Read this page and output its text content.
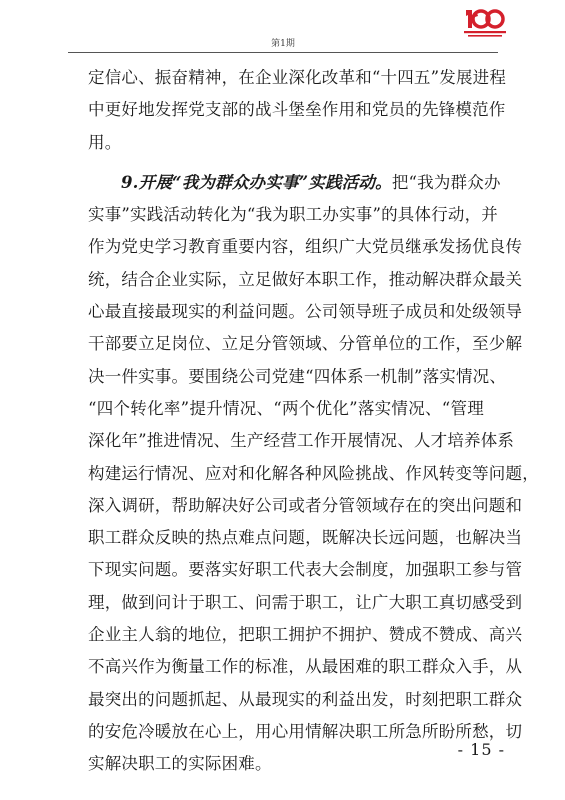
第1期

定信心、振奋精神，在企业深化改革和“十四五”发展进程
中更好地发挥党支部的战斗堡垒作用和党员的先锋模范作
用。

9.开展“我为群众办实事”实践活动。把“我为群众办
实事”实践活动转化为“我为职工办实事”的具体行动，并
作为党史学习教育重要内容，组织广大党员继承发扬优良传
统，结合企业实际，立足做好本职工作，推动解决群众最关
心最直接最现实的利益问题。公司领导班子成员和处级领导
干部要立足岗位、立足分管领域、分管单位的工作，至少解
决一件实事。要围绕公司党建“四体系一机制”落实情况、
“四个转化率”提升情况、“两个优化”落实情况、“管理
深化年”推进情况、生产经营工作开展情况、人才培养体系
构建运行情况、应对和化解各种风险挑战、作风转变等问题，
深入调研，帮助解决好公司或者分管领域存在的突出问题和
职工群众反映的热点难点问题，既解决长远问题，也解决当
下现实问题。要落实好职工代表大会制度，加强职工参与管
理，做到问计于职工、问需于职工，让广大职工真切感受到
企业主人翁的地位，把职工拥护不拥护、赞成不赞成、高兴
不高兴作为衡量工作的标准，从最困难的职工群众入手，从
最突出的问题抓起、从最现实的利益出发，时刻把职工群众
的安危冷暖放在心上，用心用情解决职工所急所盼所愁，切
实解决职工的实际困难。

- 15 -
